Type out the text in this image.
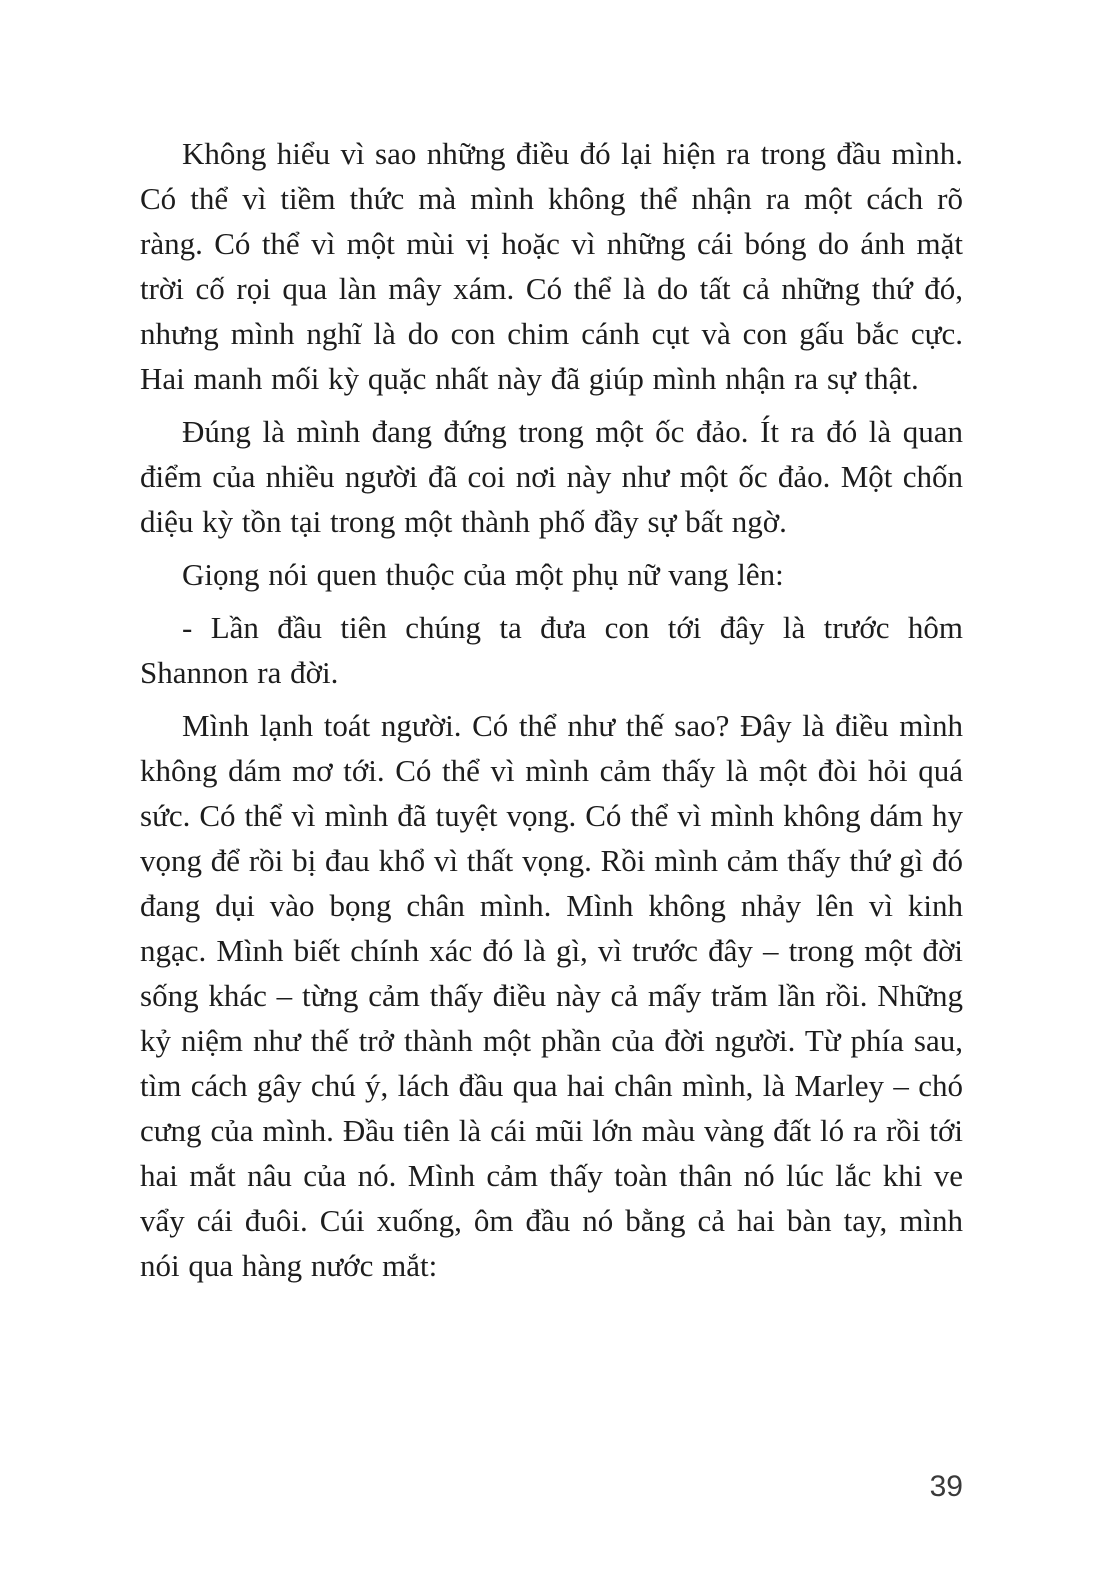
Không hiểu vì sao những điều đó lại hiện ra trong đầu mình. Có thể vì tiềm thức mà mình không thể nhận ra một cách rõ ràng. Có thể vì một mùi vị hoặc vì những cái bóng do ánh mặt trời cố rọi qua làn mây xám. Có thể là do tất cả những thứ đó, nhưng mình nghĩ là do con chim cánh cụt và con gấu bắc cực. Hai manh mối kỳ quặc nhất này đã giúp mình nhận ra sự thật.

Đúng là mình đang đứng trong một ốc đảo. Ít ra đó là quan điểm của nhiều người đã coi nơi này như một ốc đảo. Một chốn diệu kỳ tồn tại trong một thành phố đầy sự bất ngờ.

Giọng nói quen thuộc của một phụ nữ vang lên:

- Lần đầu tiên chúng ta đưa con tới đây là trước hôm Shannon ra đời.

Mình lạnh toát người. Có thể như thế sao? Đây là điều mình không dám mơ tới. Có thể vì mình cảm thấy là một đòi hỏi quá sức. Có thể vì mình đã tuyệt vọng. Có thể vì mình không dám hy vọng để rồi bị đau khổ vì thất vọng. Rồi mình cảm thấy thứ gì đó đang dụi vào bọng chân mình. Mình không nhảy lên vì kinh ngạc. Mình biết chính xác đó là gì, vì trước đây – trong một đời sống khác – từng cảm thấy điều này cả mấy trăm lần rồi. Những kỷ niệm như thế trở thành một phần của đời người. Từ phía sau, tìm cách gây chú ý, lách đầu qua hai chân mình, là Marley – chó cưng của mình. Đầu tiên là cái mũi lớn màu vàng đất ló ra rồi tới hai mắt nâu của nó. Mình cảm thấy toàn thân nó lúc lắc khi ve vẩy cái đuôi. Cúi xuống, ôm đầu nó bằng cả hai bàn tay, mình nói qua hàng nước mắt:

39
